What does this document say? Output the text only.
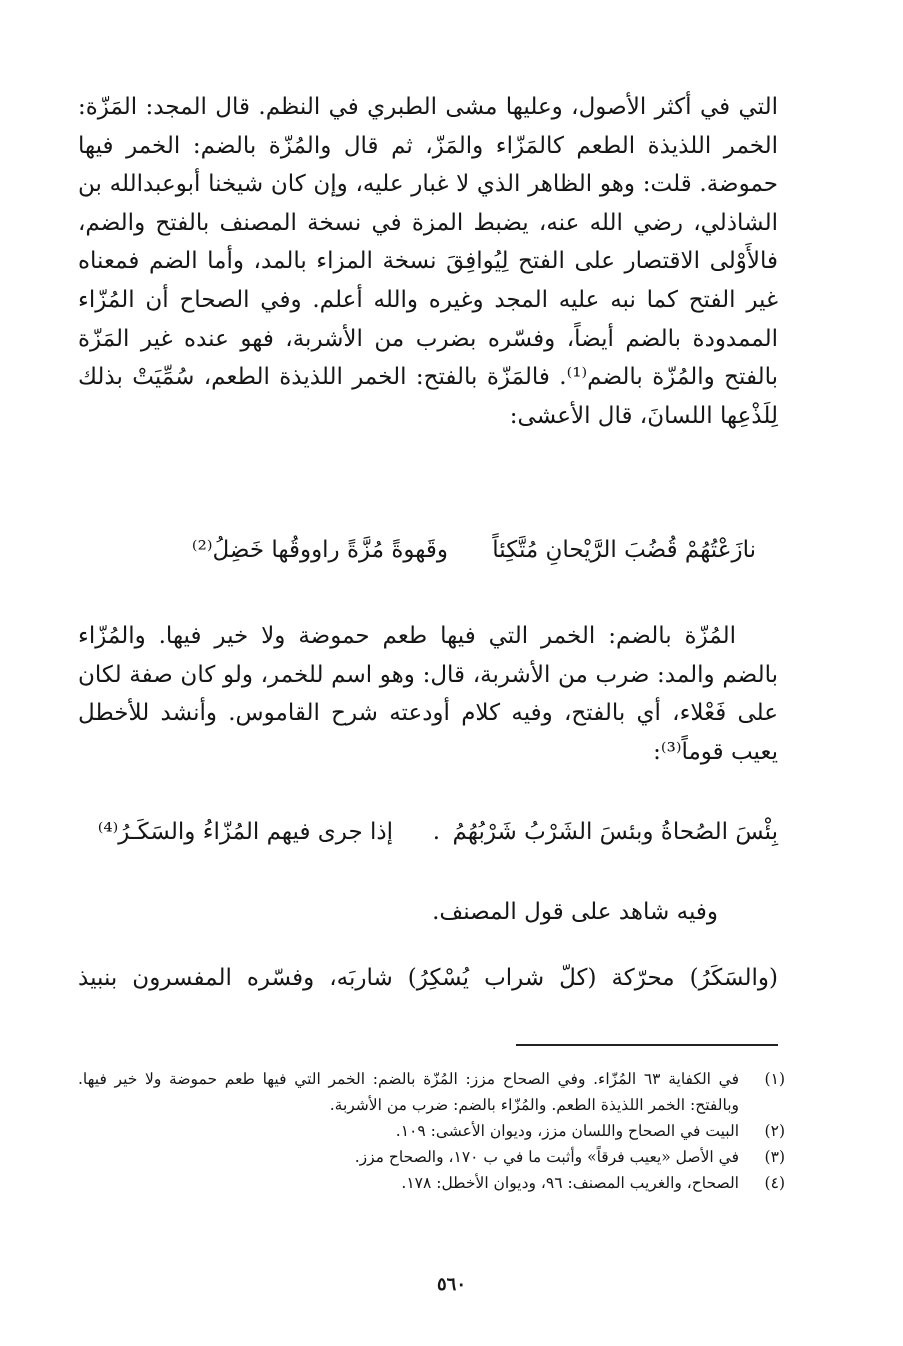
التي في أكثر الأصول، وعليها مشى الطبري في النظم. قال المجد: المَزّة: الخمر اللذيذة الطعم كالمَزّاء والمَزّ، ثم قال والمُزّة بالضم: الخمر فيها حموضة. قلت: وهو الظاهر الذي لا غبار عليه، وإن كان شيخنا أبوعبدالله بن الشاذلي، رضي الله عنه، يضبط المزة في نسخة المصنف بالفتح والضم، فالأَوْلى الاقتصار على الفتح لِيُوافِقَ نسخة المزاء بالمد، وأما الضم فمعناه غير الفتح كما نبه عليه المجد وغيره والله أعلم. وفي الصحاح أن المُزّاء الممدودة بالضم أيضاً، وفسّره بضرب من الأشربة، فهو عنده غير المَزّة بالفتح والمُزّة بالضم⁽¹⁾. فالمَزّة بالفتح: الخمر اللذيذة الطعم، سُمِّيَتْ بذلك لِلَذْعِها اللسانَ، قال الأعشى:

نازَعْتُهُمْ قُضُبَ الرَّيْحانِ مُتَّكِئاً
وقَهوةً مُزَّةً راووقُها خَضِلُ⁽²⁾

المُزّة بالضم: الخمر التي فيها طعم حموضة ولا خير فيها. والمُزّاء بالضم والمد: ضرب من الأشربة، قال: وهو اسم للخمر، ولو كان صفة لكان على فَعْلاء، أي بالفتح، وفيه كلام أودعته شرح القاموس. وأنشد للأخطل يعيب قوماً⁽³⁾:

بِئْسَ الصُحاةُ وبئسَ الشَرْبُ شَرْبُهُمُ
.
إذا جرى فيهم المُزّاءُ والسَكَـرُ⁽⁴⁾
وفيه شاهد على قول المصنف.
(والسَكَرُ) محرّكة (كلّ شراب يُسْكِرُ) شاربَه، وفسّره المفسرون بنبيذ
(١)
في الكفاية ٦٣ المُزّاء. وفي الصحاح مزز: المُزّة بالضم: الخمر التي فيها طعم حموضة ولا خير فيها. وبالفتح: الخمر اللذيذة الطعم. والمُزّاء بالضم: ضرب من الأشربة.
(٢)
البيت في الصحاح واللسان مزز، وديوان الأعشى: ١٠٩.
(٣)
في الأصل «يعيب فرقاً» وأثبت ما في ب ١٧٠، والصحاح مزز.
(٤)
الصحاح، والغريب المصنف: ٩٦، وديوان الأخطل: ١٧٨.
٥٦٠
